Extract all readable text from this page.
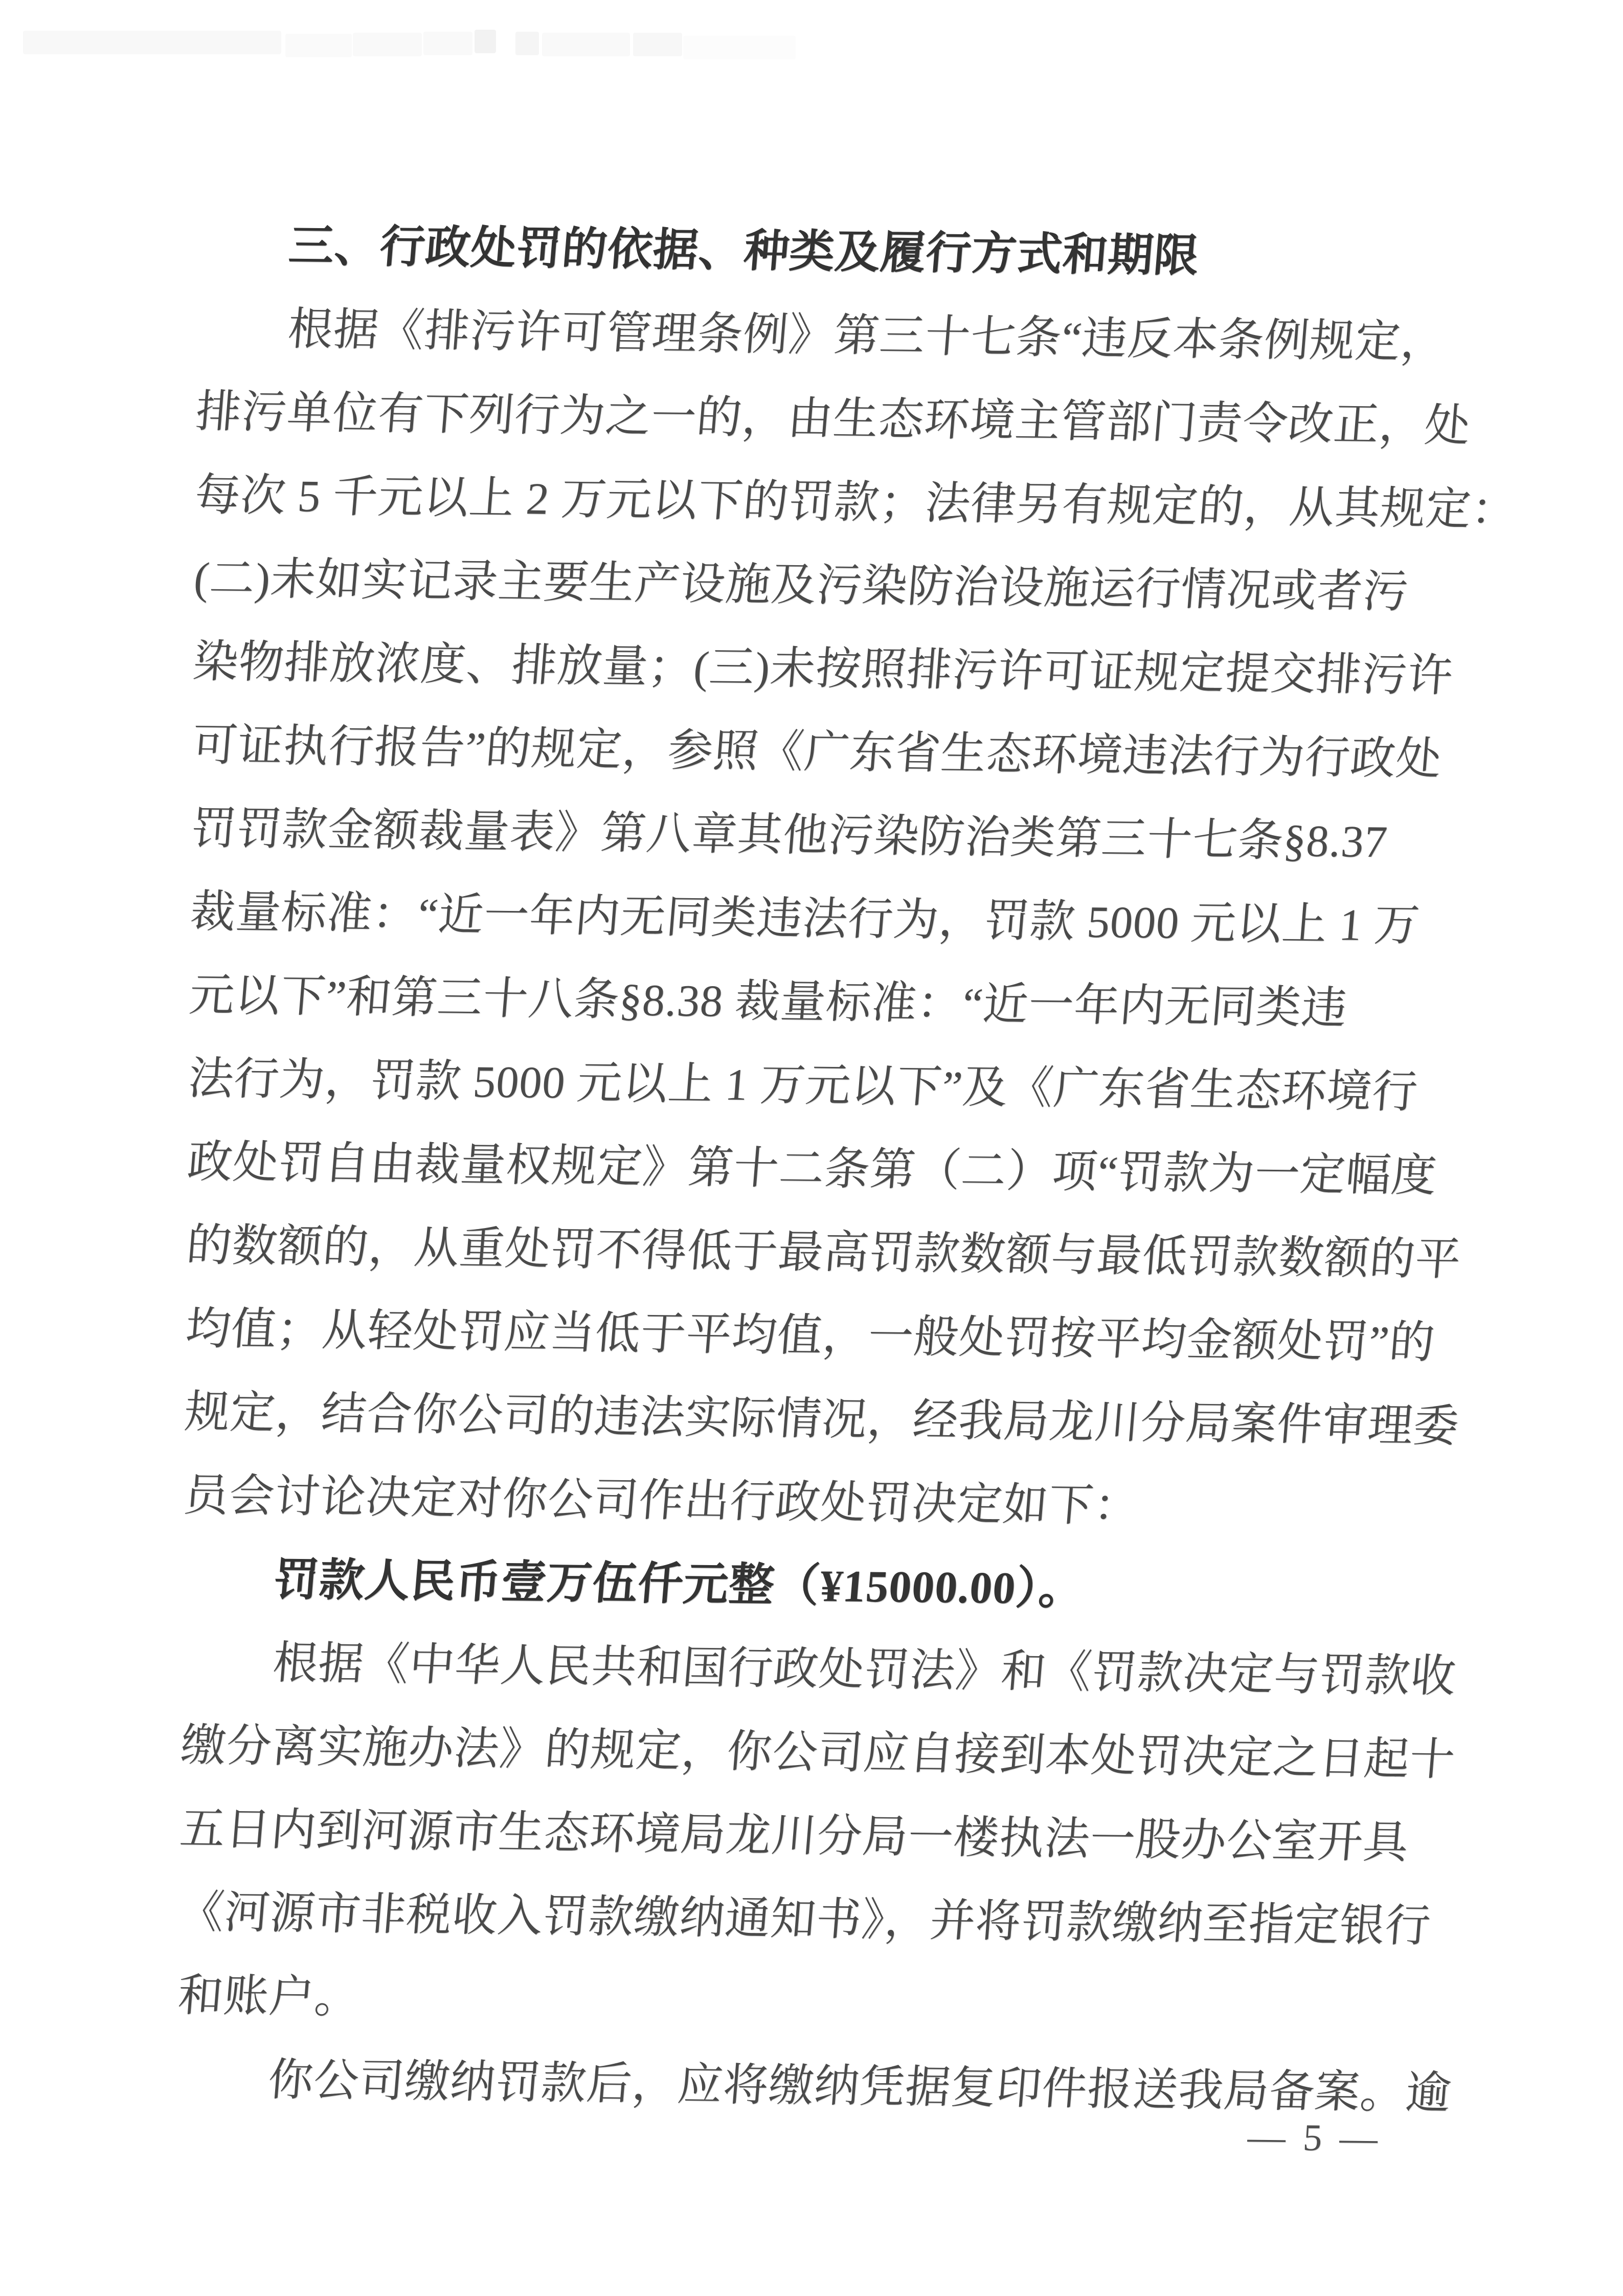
三、行政处罚的依据、种类及履行方式和期限
根据《排污许可管理条例》第三十七条“违反本条例规定，
排污单位有下列行为之一的，由生态环境主管部门责令改正，处
每次 5 千元以上 2 万元以下的罚款；法律另有规定的，从其规定：
(二)未如实记录主要生产设施及污染防治设施运行情况或者污
染物排放浓度、排放量；(三)未按照排污许可证规定提交排污许
可证执行报告”的规定，参照《广东省生态环境违法行为行政处
罚罚款金额裁量表》第八章其他污染防治类第三十七条§8.37
裁量标准：“近一年内无同类违法行为，罚款 5000 元以上 1 万
元以下”和第三十八条§8.38 裁量标准：“近一年内无同类违
法行为，罚款 5000 元以上 1 万元以下”及《广东省生态环境行
政处罚自由裁量权规定》第十二条第（二）项“罚款为一定幅度
的数额的，从重处罚不得低于最高罚款数额与最低罚款数额的平
均值；从轻处罚应当低于平均值，一般处罚按平均金额处罚”的
规定，结合你公司的违法实际情况，经我局龙川分局案件审理委
员会讨论决定对你公司作出行政处罚决定如下：
罚款人民币壹万伍仟元整（¥15000.00）。
根据《中华人民共和国行政处罚法》和《罚款决定与罚款收
缴分离实施办法》的规定，你公司应自接到本处罚决定之日起十
五日内到河源市生态环境局龙川分局一楼执法一股办公室开具
《河源市非税收入罚款缴纳通知书》，并将罚款缴纳至指定银行
和账户。
你公司缴纳罚款后，应将缴纳凭据复印件报送我局备案。逾
— 5 —
